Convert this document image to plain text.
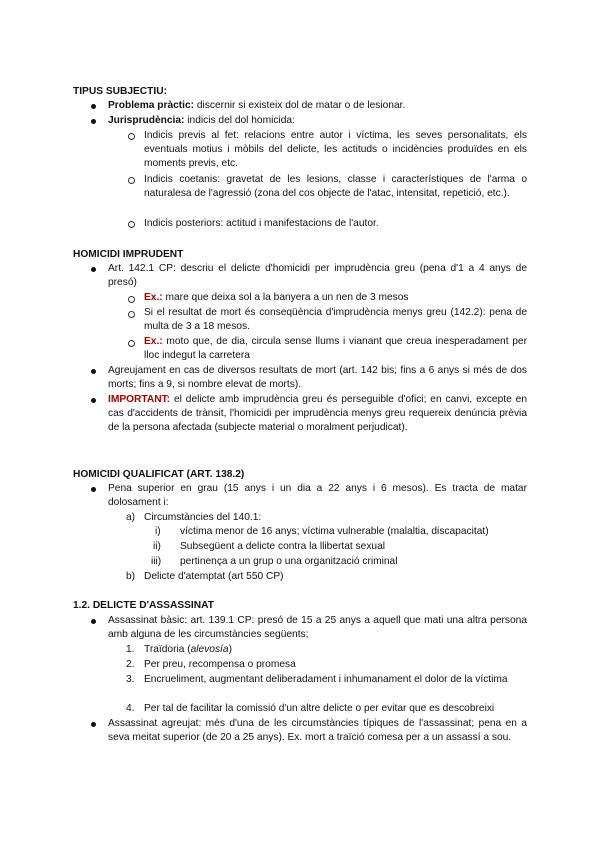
TIPUS SUBJECTIU:
Problema pràctic: discernir si existeix dol de matar o de lesionar.
Jurisprudència: indicis del dol homicida:
Indicis previs al fet: relacions entre autor i víctima, les seves personalitats, els eventuals motius i mòbils del delicte, les actituds o incidències produïdes en els moments previs, etc.
Indicis coetanis: gravetat de les lesions, classe i característiques de l'arma o naturalesa de l'agressió (zona del cos objecte de l'atac, intensitat, repetició, etc.).
Indicis posteriors: actitud i manifestacions de l'autor.
HOMICIDI IMPRUDENT
Art. 142.1 CP: descriu el delicte d'homicidi per imprudència greu (pena d'1 a 4 anys de presó)
Ex.: mare que deixa sol a la banyera a un nen de 3 mesos
Si el resultat de mort és conseqüència d'imprudència menys greu (142.2): pena de multa de 3 a 18 mesos.
Ex.: moto que, de dia, circula sense llums i vianant que creua inesperadament per lloc indegut la carretera
Agreujament en cas de diversos resultats de mort (art. 142 bis; fins a 6 anys si més de dos morts; fins a 9, si nombre elevat de morts).
IMPORTANT: el delicte amb imprudència greu és perseguible d'ofici; en canvi, excepte en cas d'accidents de trànsit, l'homicidi per imprudència menys greu requereix denúncia prèvia de la persona afectada (subjecte material o moralment perjudicat).
HOMICIDI QUALIFICAT (ART. 138.2)
Pena superior en grau (15 anys i un dia a 22 anys i 6 mesos). Es tracta de matar dolosament i:
a) Circumstàncies del 140.1:
i) víctima menor de 16 anys; víctima vulnerable (malaltia, discapacitat)
ii) Subsegüent a delicte contra la llibertat sexual
iii) pertinença a un grup o una organització criminal
b) Delicte d'atemptat (art 550 CP)
1.2. DELICTE D'ASSASSINAT
Assassinat bàsic: art. 139.1 CP: presó de 15 a 25 anys a aquell que mati una altra persona amb alguna de les circumstàncies següents;
1. Traïdoria (alevosía)
2. Per preu, recompensa o promesa
3. Encrueliment, augmentant deliberadament i inhumanament el dolor de la víctima
4. Per tal de facilitar la comissió d'un altre delicte o per evitar que es descobreixi
Assassinat agreujat: més d'una de les circumstàncies típiques de l'assassinat; pena en a seva meitat superior (de 20 a 25 anys). Ex. mort a traïció comesa per a un assassí a sou.
